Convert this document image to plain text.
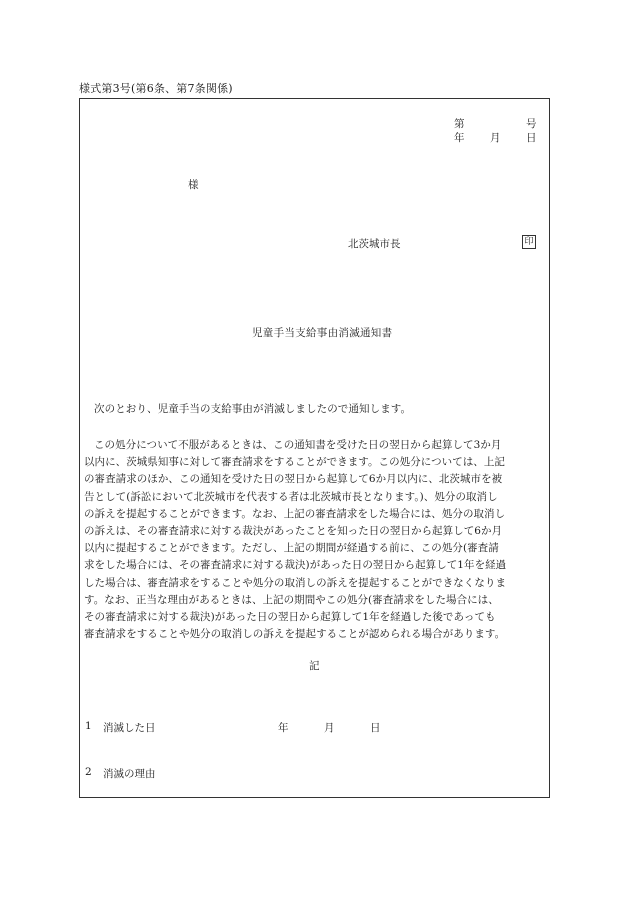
様式第3号(第6条、第7条関係)
第	号
年 月 日
様
北茨城市長	印
児童手当支給事由消滅通知書
次のとおり、児童手当の支給事由が消滅しましたので通知します。
この処分について不服があるときは、この通知書を受けた日の翌日から起算して3か月
以内に、茨城県知事に対して審査請求をすることができます。この処分については、上記
の審査請求のほか、この通知を受けた日の翌日から起算して6か月以内に、北茨城市を被
告として(訴訟において北茨城市を代表する者は北茨城市長となります。)、処分の取消し
の訴えを提起することができます。なお、上記の審査請求をした場合には、処分の取消し
の訴えは、その審査請求に対する裁決があったことを知った日の翌日から起算して6か月
以内に提起することができます。ただし、上記の期間が経過する前に、この処分(審査請
求をした場合には、その審査請求に対する裁決)があった日の翌日から起算して1年を経過
した場合は、審査請求をすることや処分の取消しの訴えを提起することができなくなりま
す。なお、正当な理由があるときは、上記の期間やこの処分(審査請求をした場合には、
その審査請求に対する裁決)があった日の翌日から起算して1年を経過した後であっても
審査請求をすることや処分の取消しの訴えを提起することが認められる場合があります。
記
1 消滅した日	年	月	日
2 消滅の理由
